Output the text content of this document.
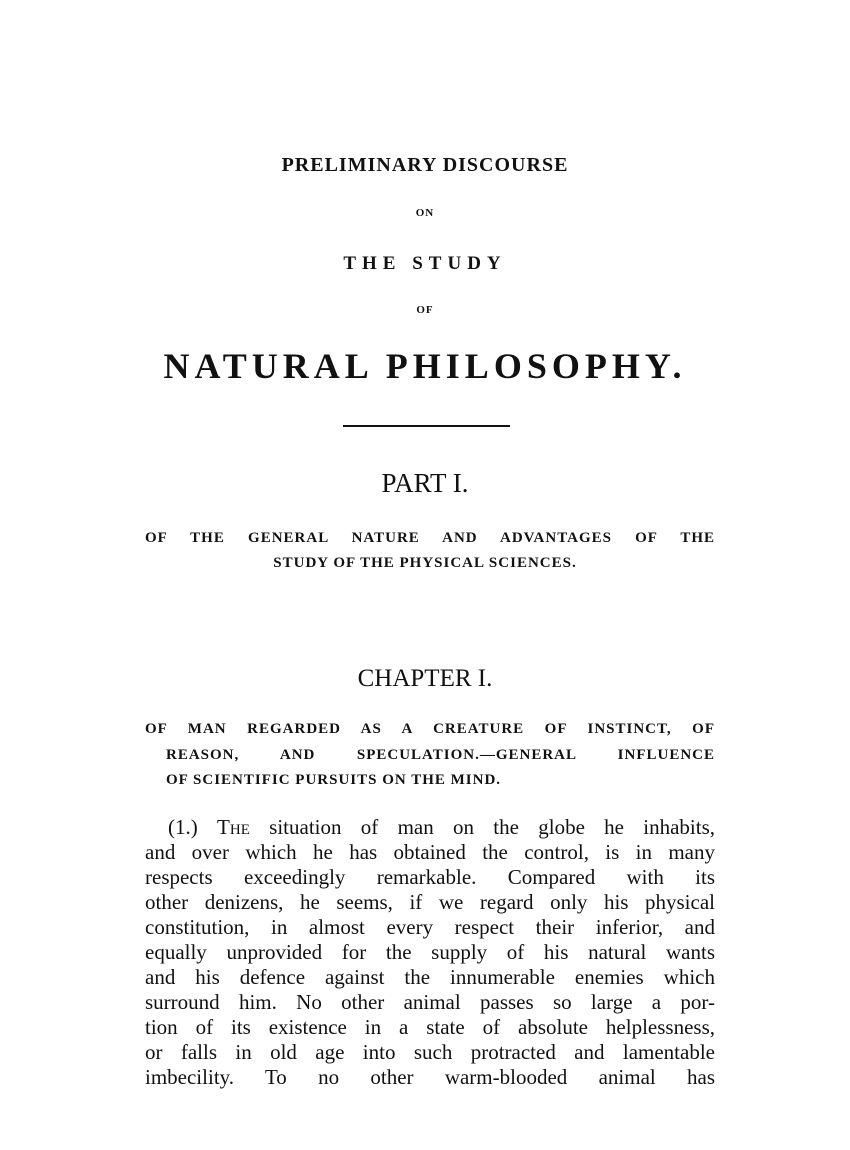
PRELIMINARY DISCOURSE
ON
THE STUDY
OF
NATURAL PHILOSOPHY.
PART I.
OF THE GENERAL NATURE AND ADVANTAGES OF THE
STUDY OF THE PHYSICAL SCIENCES.
CHAPTER I.
OF MAN REGARDED AS A CREATURE OF INSTINCT, OF
REASON, AND SPECULATION.—GENERAL INFLUENCE
OF SCIENTIFIC PURSUITS ON THE MIND.
(1.) The situation of man on the globe he inhabits,
and over which he has obtained the control, is in many
respects exceedingly remarkable. Compared with its
other denizens, he seems, if we regard only his physical
constitution, in almost every respect their inferior, and
equally unprovided for the supply of his natural wants
and his defence against the innumerable enemies which
surround him. No other animal passes so large a por-
tion of its existence in a state of absolute helplessness,
or falls in old age into such protracted and lamentable
imbecility. To no other warm-blooded animal has
